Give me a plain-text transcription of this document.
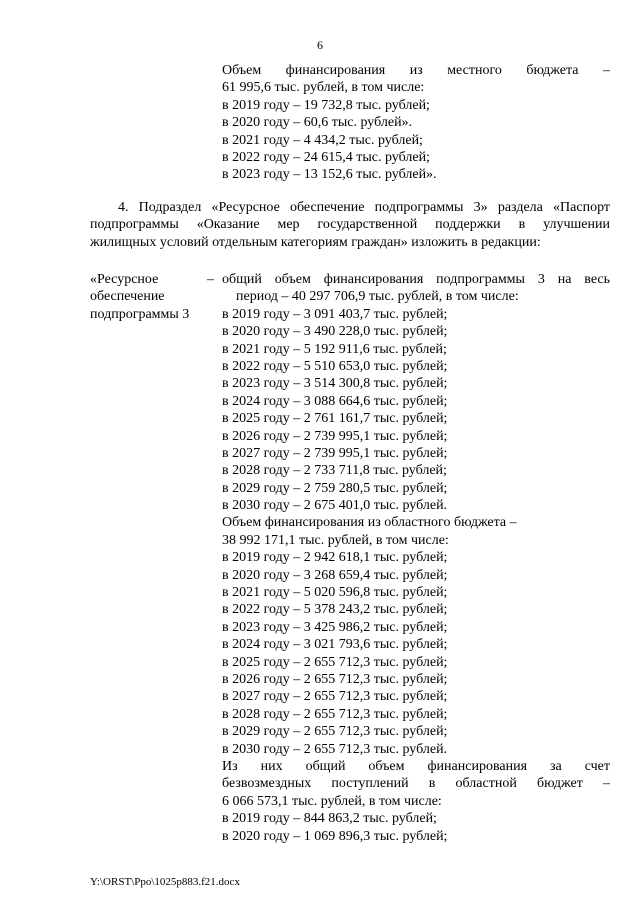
6
Объем финансирования из местного бюджета –
61 995,6 тыс. рублей, в том числе:
в 2019 году – 19 732,8 тыс. рублей;
в 2020 году – 60,6 тыс. рублей».
в 2021 году – 4 434,2 тыс. рублей;
в 2022 году – 24 615,4 тыс. рублей;
в 2023 году – 13 152,6 тыс. рублей».
4. Подраздел «Ресурсное обеспечение подпрограммы 3» раздела «Паспорт
подпрограммы «Оказание мер государственной поддержки в улучшении
жилищных условий отдельным категориям граждан» изложить в редакции:
«Ресурсное
обеспечение
подпрограммы 3
– общий объем финансирования подпрограммы 3 на весь
период – 40 297 706,9 тыс. рублей, в том числе:
в 2019 году – 3 091 403,7 тыс. рублей;
в 2020 году – 3 490 228,0 тыс. рублей;
в 2021 году – 5 192 911,6 тыс. рублей;
в 2022 году – 5 510 653,0 тыс. рублей;
в 2023 году – 3 514 300,8 тыс. рублей;
в 2024 году – 3 088 664,6 тыс. рублей;
в 2025 году – 2 761 161,7 тыс. рублей;
в 2026 году – 2 739 995,1 тыс. рублей;
в 2027 году – 2 739 995,1 тыс. рублей;
в 2028 году – 2 733 711,8 тыс. рублей;
в 2029 году – 2 759 280,5 тыс. рублей;
в 2030 году – 2 675 401,0 тыс. рублей.
Объем финансирования из областного бюджета –
38 992 171,1 тыс. рублей, в том числе:
в 2019 году – 2 942 618,1 тыс. рублей;
в 2020 году – 3 268 659,4 тыс. рублей;
в 2021 году – 5 020 596,8 тыс. рублей;
в 2022 году – 5 378 243,2 тыс. рублей;
в 2023 году – 3 425 986,2 тыс. рублей;
в 2024 году – 3 021 793,6 тыс. рублей;
в 2025 году – 2 655 712,3 тыс. рублей;
в 2026 году – 2 655 712,3 тыс. рублей;
в 2027 году – 2 655 712,3 тыс. рублей;
в 2028 году – 2 655 712,3 тыс. рублей;
в 2029 году – 2 655 712,3 тыс. рублей;
в 2030 году – 2 655 712,3 тыс. рублей.
Из них общий объем финансирования за счет
безвозмездных поступлений в областной бюджет –
6 066 573,1 тыс. рублей, в том числе:
в 2019 году – 844 863,2 тыс. рублей;
в 2020 году – 1 069 896,3 тыс. рублей;
Y:\ORST\Ppo\1025p883.f21.docx
